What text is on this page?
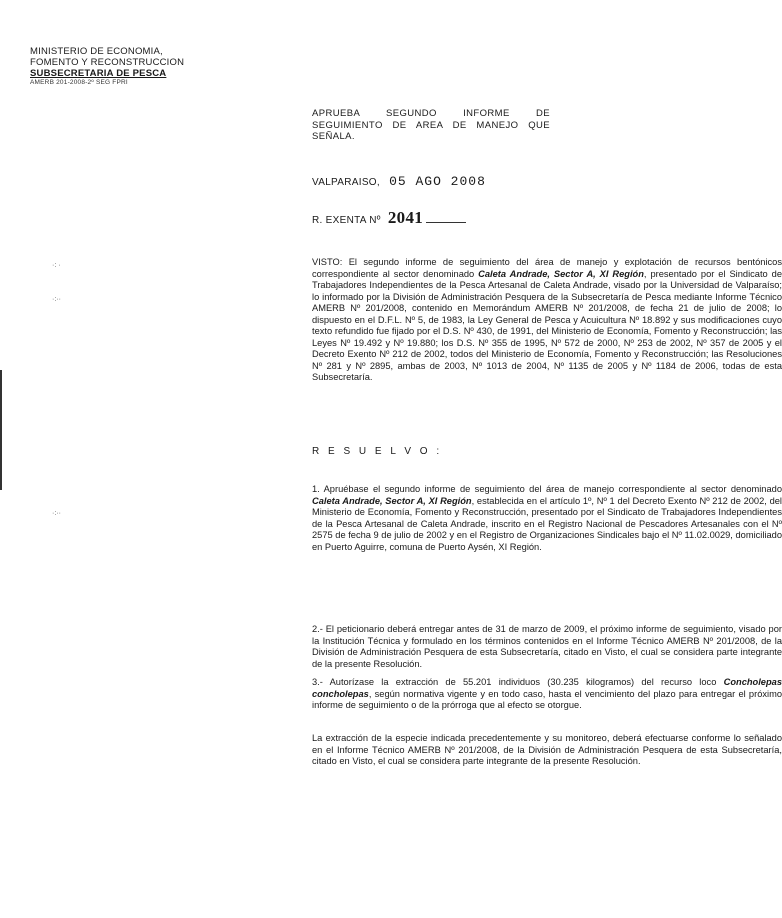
MINISTERIO DE ECONOMIA,
FOMENTO Y RECONSTRUCCION
SUBSECRETARIA DE PESCA
AMERB 201-2008-2º SEG FPRI
APRUEBA SEGUNDO INFORME DE SEGUIMIENTO DE AREA DE MANEJO QUE SEÑALA.
VALPARAISO, 05 AGO 2008
R. EXENTA Nº 2041
·: ·
·:··
·:··
VISTO: El segundo informe de seguimiento del área de manejo y explotación de recursos bentónicos correspondiente al sector denominado Caleta Andrade, Sector A, XI Región, presentado por el Sindicato de Trabajadores Independientes de la Pesca Artesanal de Caleta Andrade, visado por la Universidad de Valparaíso; lo informado por la División de Administración Pesquera de la Subsecretaría de Pesca mediante Informe Técnico AMERB Nº 201/2008, contenido en Memorándum AMERB Nº 201/2008, de fecha 21 de julio de 2008; lo dispuesto en el D.F.L. Nº 5, de 1983, la Ley General de Pesca y Acuicultura Nº 18.892 y sus modificaciones cuyo texto refundido fue fijado por el D.S. Nº 430, de 1991, del Ministerio de Economía, Fomento y Reconstrucción; las Leyes Nº 19.492 y Nº 19.880; los D.S. Nº 355 de 1995, Nº 572 de 2000, Nº 253 de 2002, Nº 357 de 2005 y el Decreto Exento Nº 212 de 2002, todos del Ministerio de Economía, Fomento y Reconstrucción; las Resoluciones Nº 281 y Nº 2895, ambas de 2003, Nº 1013 de 2004, Nº 1135 de 2005 y Nº 1184 de 2006, todas de esta Subsecretaría.
R E S U E L V O :
1. Apruébase el segundo informe de seguimiento del área de manejo correspondiente al sector denominado Caleta Andrade, Sector A, XI Región, establecida en el artículo 1º, Nº 1 del Decreto Exento Nº 212 de 2002, del Ministerio de Economía, Fomento y Reconstrucción, presentado por el Sindicato de Trabajadores Independientes de la Pesca Artesanal de Caleta Andrade, inscrito en el Registro Nacional de Pescadores Artesanales con el Nº 2575 de fecha 9 de julio de 2002 y en el Registro de Organizaciones Sindicales bajo el Nº 11.02.0029, domiciliado en Puerto Aguirre, comuna de Puerto Aysén, XI Región.
2.- El peticionario deberá entregar antes de 31 de marzo de 2009, el próximo informe de seguimiento, visado por la Institución Técnica y formulado en los términos contenidos en el Informe Técnico AMERB Nº 201/2008, de la División de Administración Pesquera de esta Subsecretaría, citado en Visto, el cual se considera parte integrante de la presente Resolución.
3.- Autorízase la extracción de 55.201 individuos (30.235 kilogramos) del recurso loco Concholepas concholepas, según normativa vigente y en todo caso, hasta el vencimiento del plazo para entregar el próximo informe de seguimiento o de la prórroga que al efecto se otorgue.
La extracción de la especie indicada precedentemente y su monitoreo, deberá efectuarse conforme lo señalado en el Informe Técnico AMERB Nº 201/2008, de la División de Administración Pesquera de esta Subsecretaría, citado en Visto, el cual se considera parte integrante de la presente Resolución.
